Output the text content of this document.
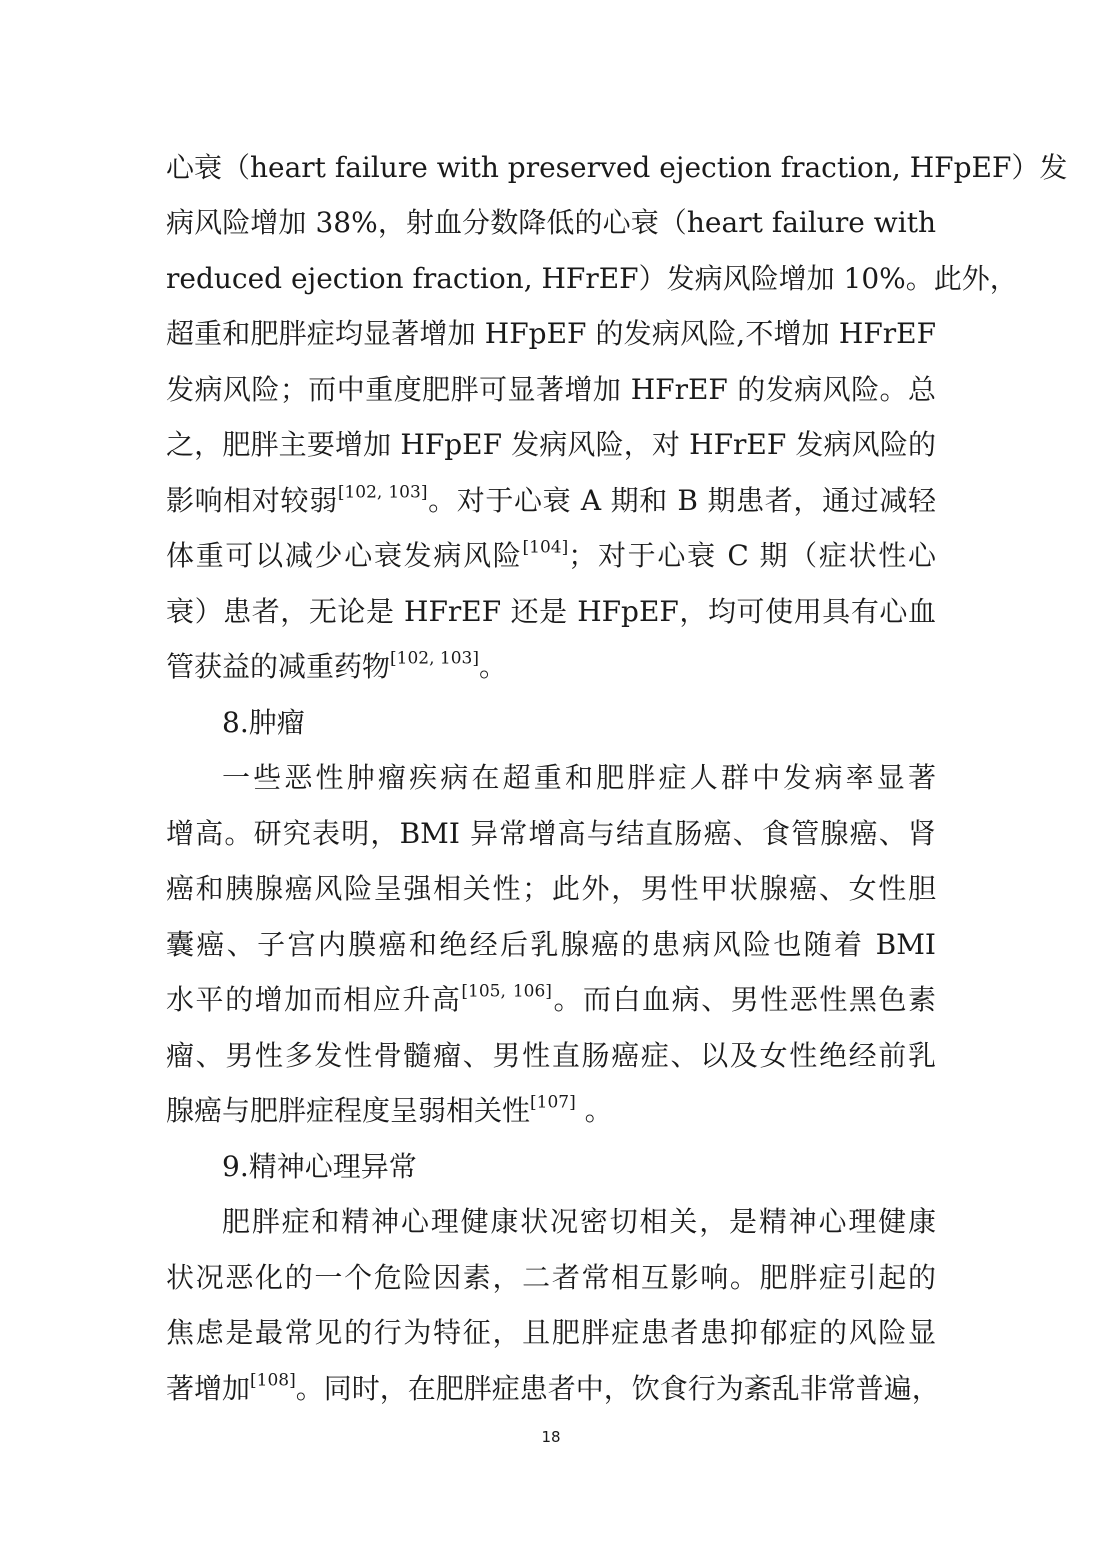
心衰（heart failure with preserved ejection fraction, HFpEF）发
病风险增加 38%，射血分数降低的心衰（heart failure with
reduced ejection fraction, HFrEF）发病风险增加 10%。此外，
超重和肥胖症均显著增加 HFpEF 的发病风险,不增加 HFrEF
发病风险；而中重度肥胖可显著增加 HFrEF 的发病风险。总
之，肥胖主要增加 HFpEF 发病风险，对 HFrEF 发病风险的
影响相对较弱[102, 103]。对于心衰 A 期和 B 期患者，通过减轻
体重可以减少心衰发病风险[104]；对于心衰 C 期（症状性心
衰）患者，无论是 HFrEF 还是 HFpEF，均可使用具有心血
管获益的减重药物[102, 103]。
8.肿瘤
一些恶性肿瘤疾病在超重和肥胖症人群中发病率显著
增高。研究表明，BMI 异常增高与结直肠癌、食管腺癌、肾
癌和胰腺癌风险呈强相关性；此外，男性甲状腺癌、女性胆
囊癌、子宫内膜癌和绝经后乳腺癌的患病风险也随着 BMI
水平的增加而相应升高[105, 106]。而白血病、男性恶性黑色素
瘤、男性多发性骨髓瘤、男性直肠癌症、以及女性绝经前乳
腺癌与肥胖症程度呈弱相关性[107] 。
9.精神心理异常
肥胖症和精神心理健康状况密切相关，是精神心理健康
状况恶化的一个危险因素，二者常相互影响。肥胖症引起的
焦虑是最常见的行为特征，且肥胖症患者患抑郁症的风险显
著增加[108]。同时，在肥胖症患者中，饮食行为紊乱非常普遍，
18
